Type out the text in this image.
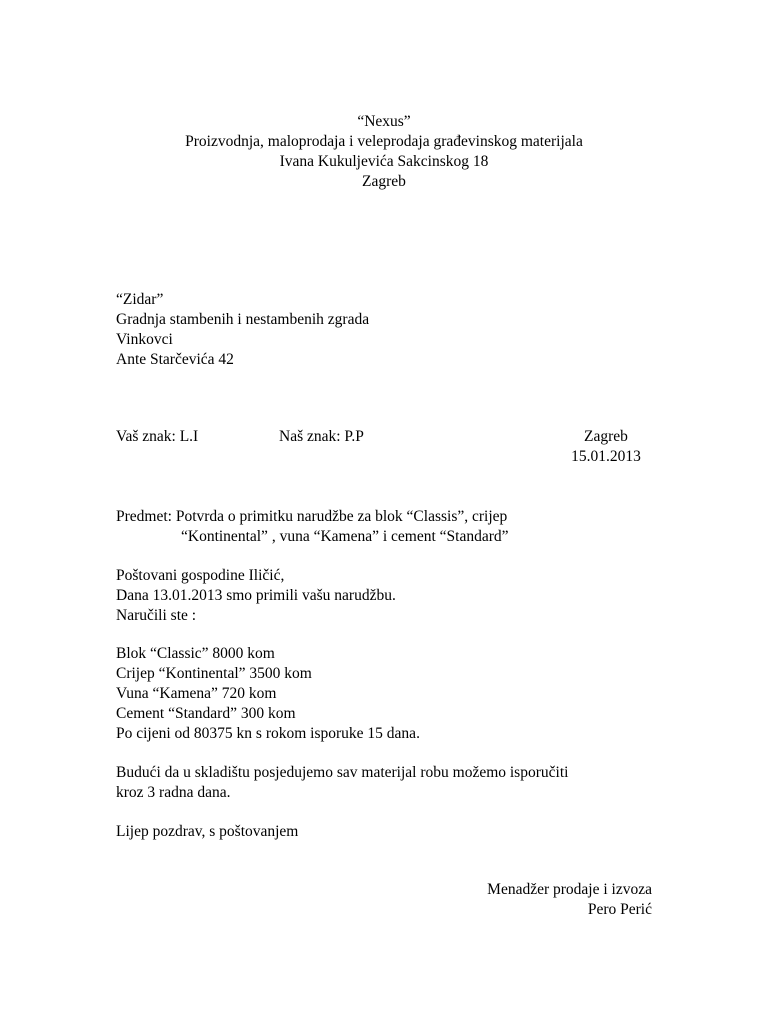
“Nexus”
Proizvodnja, maloprodaja i veleprodaja građevinskog materijala
Ivana Kukuljevića Sakcinskog 18
Zagreb
“Zidar”
Gradnja stambenih i nestambenih zgrada
Vinkovci
Ante Starčevića 42
Vaš znak: L.I	Naš znak: P.P	Zagreb
15.01.2013
Predmet: Potvrda o primitku narudžbe za blok “Classis”, crijep
“Kontinental” , vuna “Kamena” i cement “Standard”
Poštovani gospodine Iličić,
Dana 13.01.2013 smo primili vašu narudžbu.
Naručili ste :
Blok “Classic” 8000 kom
Crijep “Kontinental” 3500 kom
Vuna “Kamena” 720 kom
Cement “Standard” 300 kom
Po cijeni od 80375 kn s rokom isporuke 15 dana.
Budući da u skladištu posjedujemo sav materijal robu možemo isporučiti
kroz 3 radna dana.
Lijep pozdrav, s poštovanjem
Menadžer prodaje i izvoza
Pero Perić
